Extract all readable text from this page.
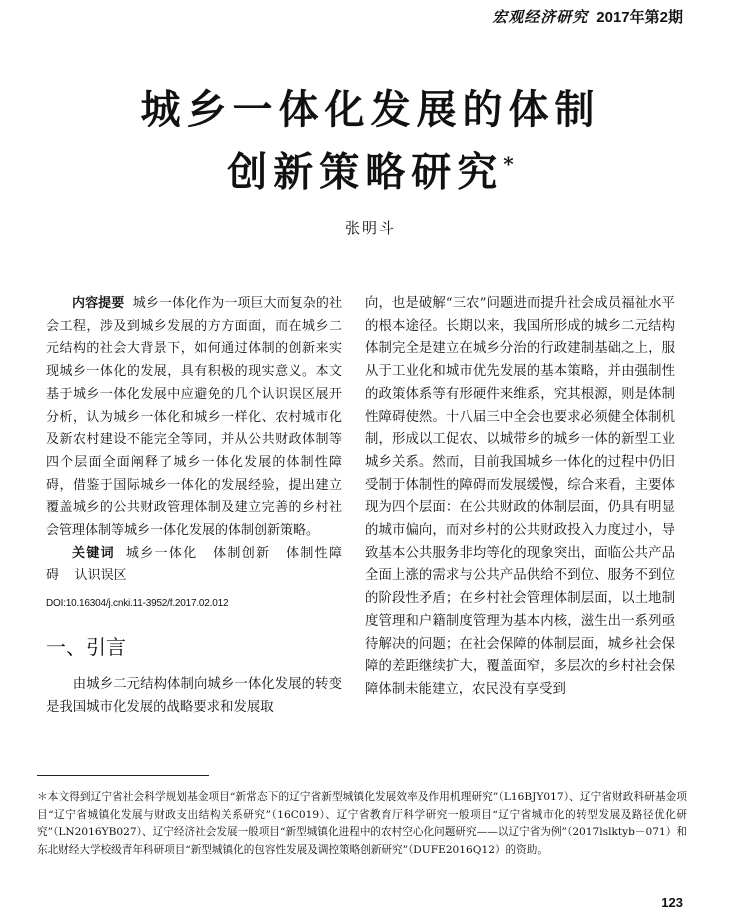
宏观经济研究 2017年第2期
城乡一体化发展的体制
创新策略研究*
张明斗

内容提要 城乡一体化作为一项巨大而复杂的社会工程，涉及到城乡发展的方方面面，而在城乡二元结构的社会大背景下，如何通过体制的创新来实现城乡一体化的发展，具有积极的现实意义。本文基于城乡一体化发展中应避免的几个认识误区展开分析，认为城乡一体化和城乡一样化、农村城市化及新农村建设不能完全等同，并从公共财政体制等四个层面全面阐释了城乡一体化发展的体制性障碍，借鉴于国际城乡一体化的发展经验，提出建立覆盖城乡的公共财政管理体制及建立完善的乡村社会管理体制等城乡一体化发展的体制创新策略。

关键词 城乡一体化 体制创新 体制性障碍 认识误区

DOI:10.16304/j.cnki.11-3952/f.2017.02.012
一、引言

由城乡二元结构体制向城乡一体化发展的转变是我国城市化发展的战略要求和发展取

向，也是破解“三农”问题进而提升社会成员福祉水平的根本途径。长期以来，我国所形成的城乡二元结构体制完全是建立在城乡分治的行政建制基础之上，服从于工业化和城市优先发展的基本策略，并由强制性的政策体系等有形硬件来维系，究其根源，则是体制性障碍使然。十八届三中全会也要求必须健全体制机制，形成以工促农、以城带乡的城乡一体的新型工业城乡关系。然而，目前我国城乡一体化的过程中仍旧受制于体制性的障碍而发展缓慢，综合来看，主要体现为四个层面：在公共财政的体制层面，仍具有明显的城市偏向，而对乡村的公共财政投入力度过小，导致基本公共服务非均等化的现象突出，面临公共产品全面上涨的需求与公共产品供给不到位、服务不到位的阶段性矛盾；在乡村社会管理体制层面，以土地制度管理和户籍制度管理为基本内核，滋生出一系列亟待解决的问题；在社会保障的体制层面，城乡社会保障的差距继续扩大，覆盖面窄，多层次的乡村社会保障体制未能建立，农民没有享受到

＊本文得到辽宁省社会科学规划基金项目“新常态下的辽宁省新型城镇化发展效率及作用机理研究”（L16BJY017）、辽宁省财政科研基金项目“辽宁省城镇化发展与财政支出结构关系研究”（16C019）、辽宁省教育厅科学研究一般项目“辽宁省城市化的转型发展及路径优化研究”（LN2016YB027）、辽宁经济社会发展一般项目“新型城镇化进程中的农村空心化问题研究——以辽宁省为例”（2017lslktyb－071）和东北财经大学校级青年科研项目“新型城镇化的包容性发展及调控策略创新研究”（DUFE2016Q12）的资助。
123
